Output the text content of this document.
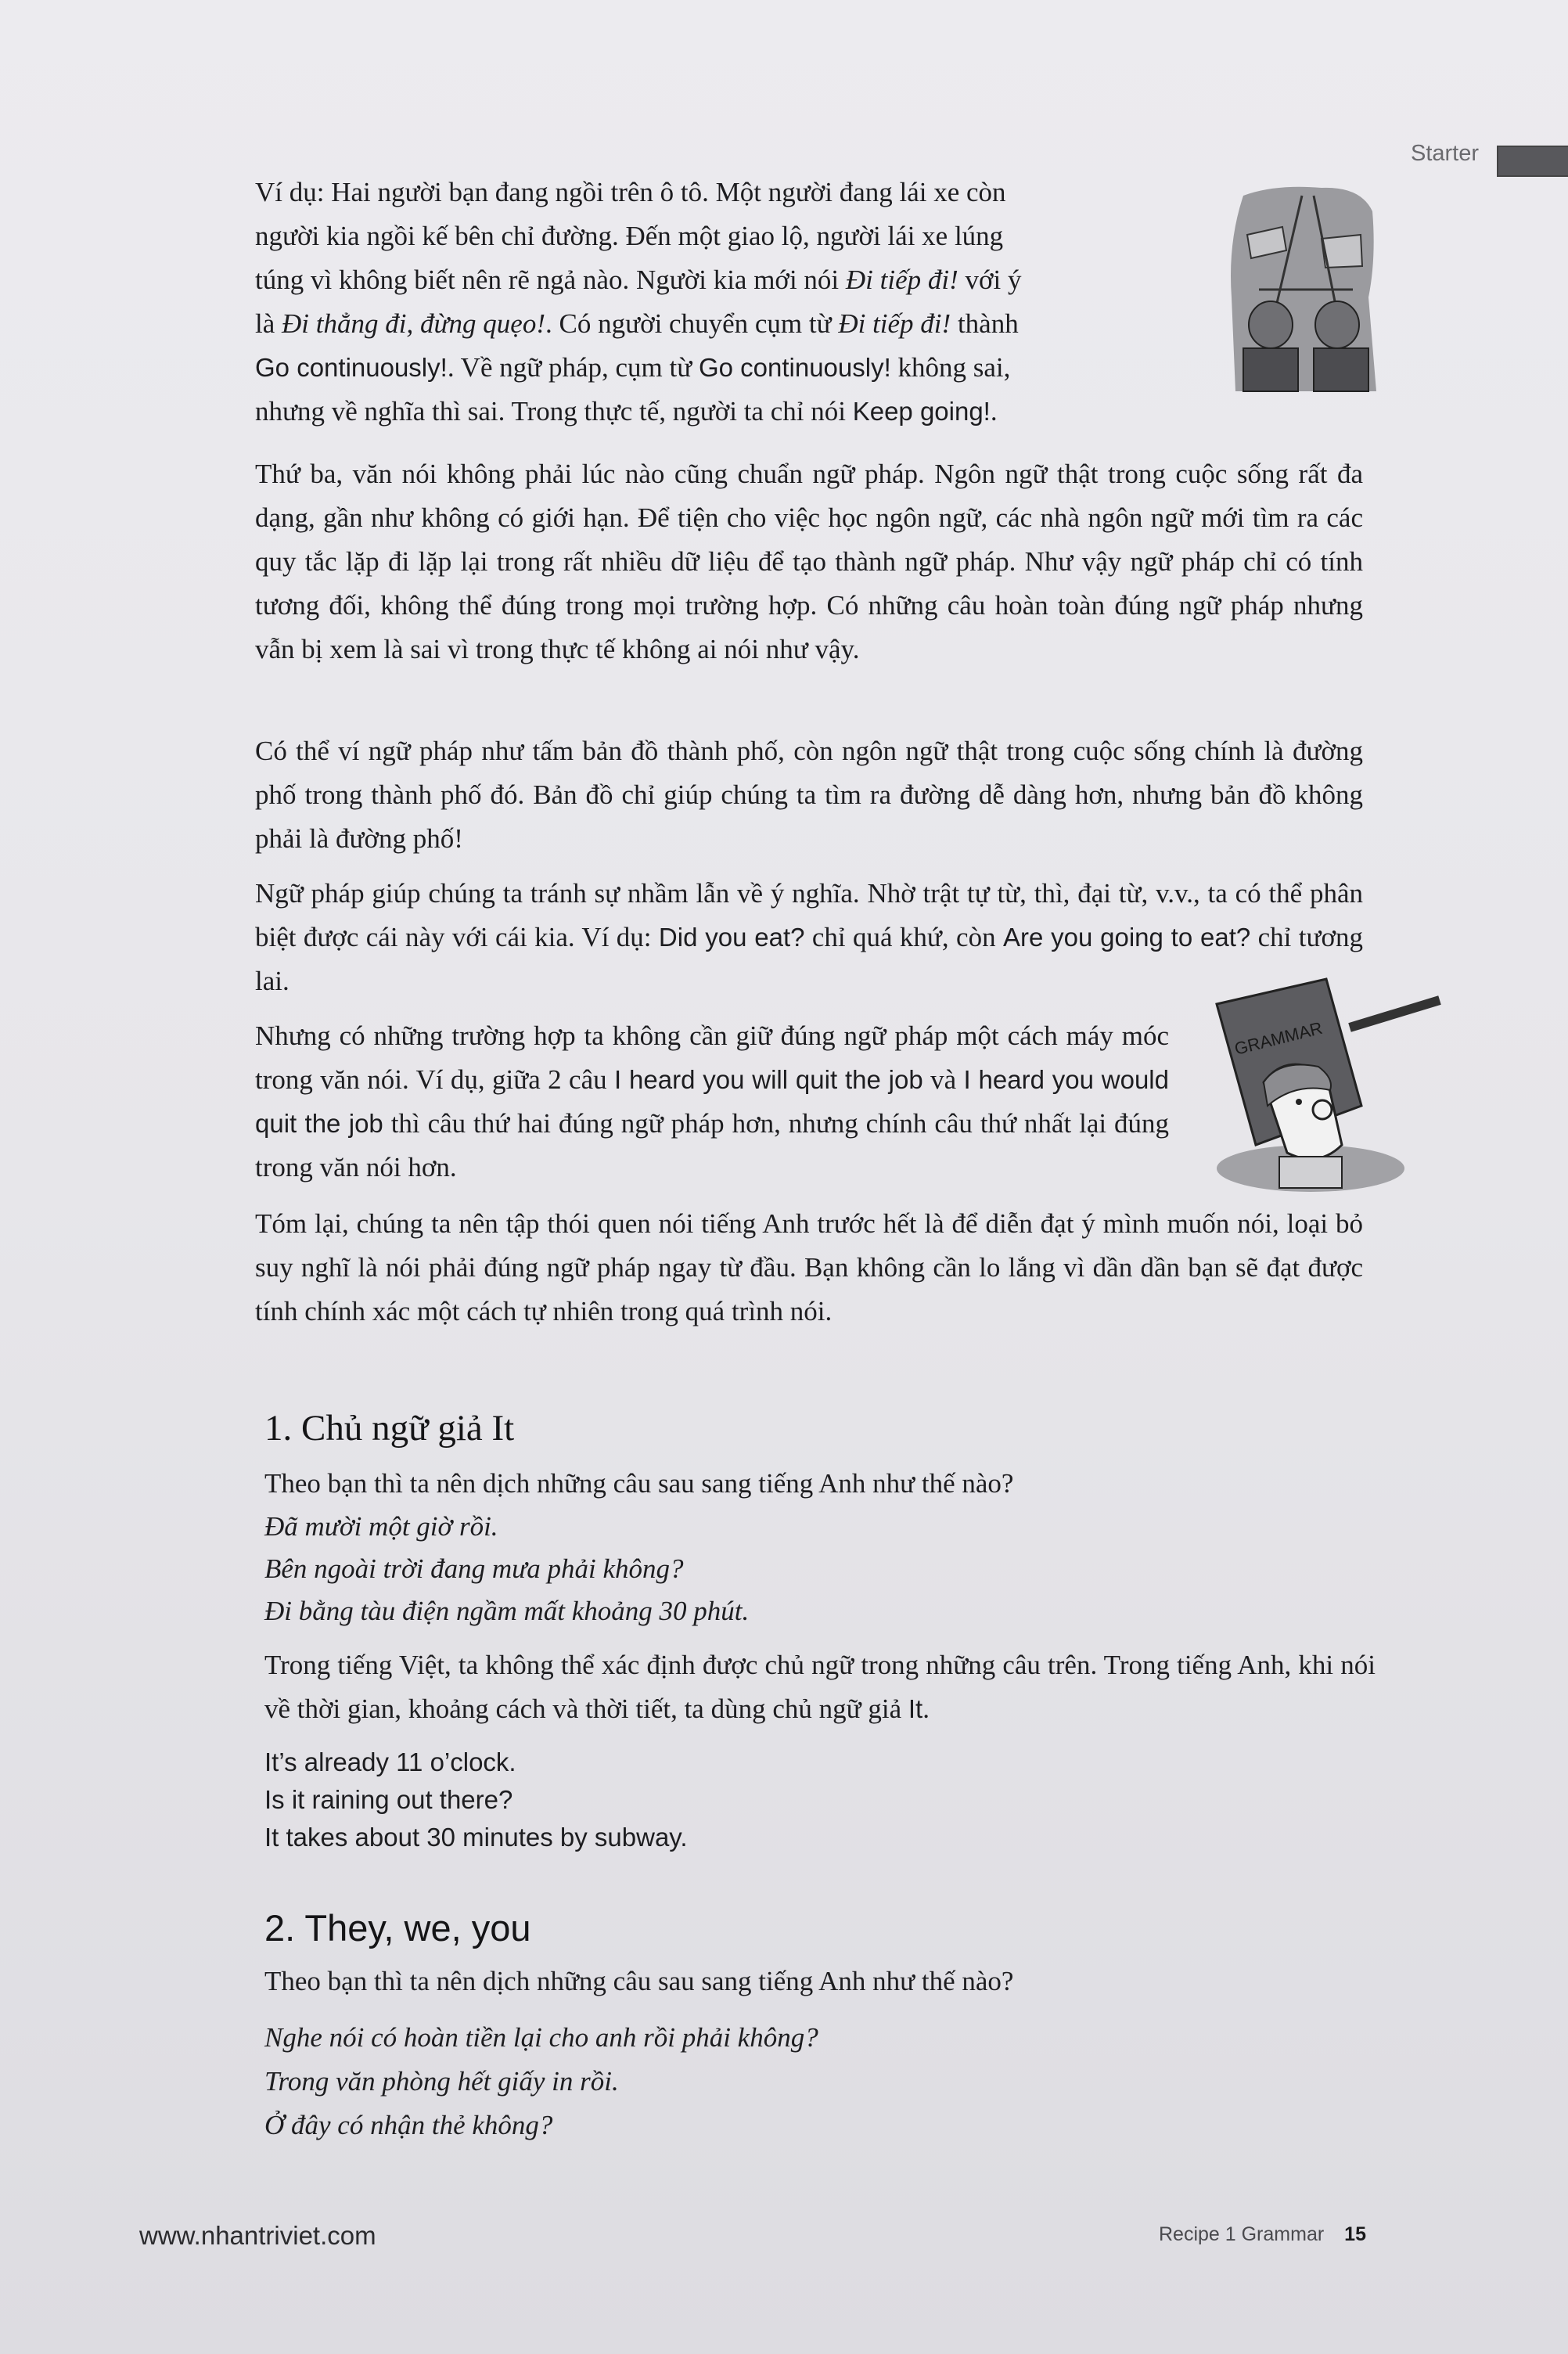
Starter
Ví dụ: Hai người bạn đang ngồi trên ô tô. Một người đang lái xe còn
người kia ngồi kế bên chỉ đường. Đến một giao lộ, người lái xe lúng
túng vì không biết nên rẽ ngả nào. Người kia mới nói Đi tiếp đi! với ý
là Đi thẳng đi, đừng quẹo!. Có người chuyển cụm từ Đi tiếp đi! thành
Go continuously!. Về ngữ pháp, cụm từ Go continuously! không sai,
nhưng về nghĩa thì sai. Trong thực tế, người ta chỉ nói Keep going!.

Thứ ba, văn nói không phải lúc nào cũng chuẩn ngữ pháp. Ngôn ngữ thật trong cuộc sống rất đa dạng, gần như không có giới hạn. Để tiện cho việc học ngôn ngữ, các nhà ngôn ngữ mới tìm ra các quy tắc lặp đi lặp lại trong rất nhiều dữ liệu để tạo thành ngữ pháp. Như vậy ngữ pháp chỉ có tính tương đối, không thể đúng trong mọi trường hợp. Có những câu hoàn toàn đúng ngữ pháp nhưng vẫn bị xem là sai vì trong thực tế không ai nói như vậy.

Có thể ví ngữ pháp như tấm bản đồ thành phố, còn ngôn ngữ thật trong cuộc sống chính là đường phố trong thành phố đó. Bản đồ chỉ giúp chúng ta tìm ra đường dễ dàng hơn, nhưng bản đồ không phải là đường phố!

Ngữ pháp giúp chúng ta tránh sự nhầm lẫn về ý nghĩa. Nhờ trật tự từ, thì, đại từ, v.v., ta có thể phân biệt được cái này với cái kia. Ví dụ: Did you eat? chỉ quá khứ, còn Are you going to eat? chỉ tương lai.

Nhưng có những trường hợp ta không cần giữ đúng ngữ pháp một cách máy móc trong văn nói. Ví dụ, giữa 2 câu I heard you will quit the job và I heard you would quit the job thì câu thứ hai đúng ngữ pháp hơn, nhưng chính câu thứ nhất lại đúng trong văn nói hơn.

GRAMMAR

Tóm lại, chúng ta nên tập thói quen nói tiếng Anh trước hết là để diễn đạt ý mình muốn nói, loại bỏ suy nghĩ là nói phải đúng ngữ pháp ngay từ đầu. Bạn không cần lo lắng vì dần dần bạn sẽ đạt được tính chính xác một cách tự nhiên trong quá trình nói.

1. Chủ ngữ giả It

Theo bạn thì ta nên dịch những câu sau sang tiếng Anh như thế nào?

Đã mười một giờ rồi.
Bên ngoài trời đang mưa phải không?
Đi bằng tàu điện ngầm mất khoảng 30 phút.

Trong tiếng Việt, ta không thể xác định được chủ ngữ trong những câu trên. Trong tiếng Anh, khi nói về thời gian, khoảng cách và thời tiết, ta dùng chủ ngữ giả It.

It’s already 11 o’clock.
Is it raining out there?
It takes about 30 minutes by subway.
2. They, we, you

Theo bạn thì ta nên dịch những câu sau sang tiếng Anh như thế nào?

Nghe nói có hoàn tiền lại cho anh rồi phải không?
Trong văn phòng hết giấy in rồi.
Ở đây có nhận thẻ không?
www.nhantriviet.com	Recipe 1 Grammar 15
